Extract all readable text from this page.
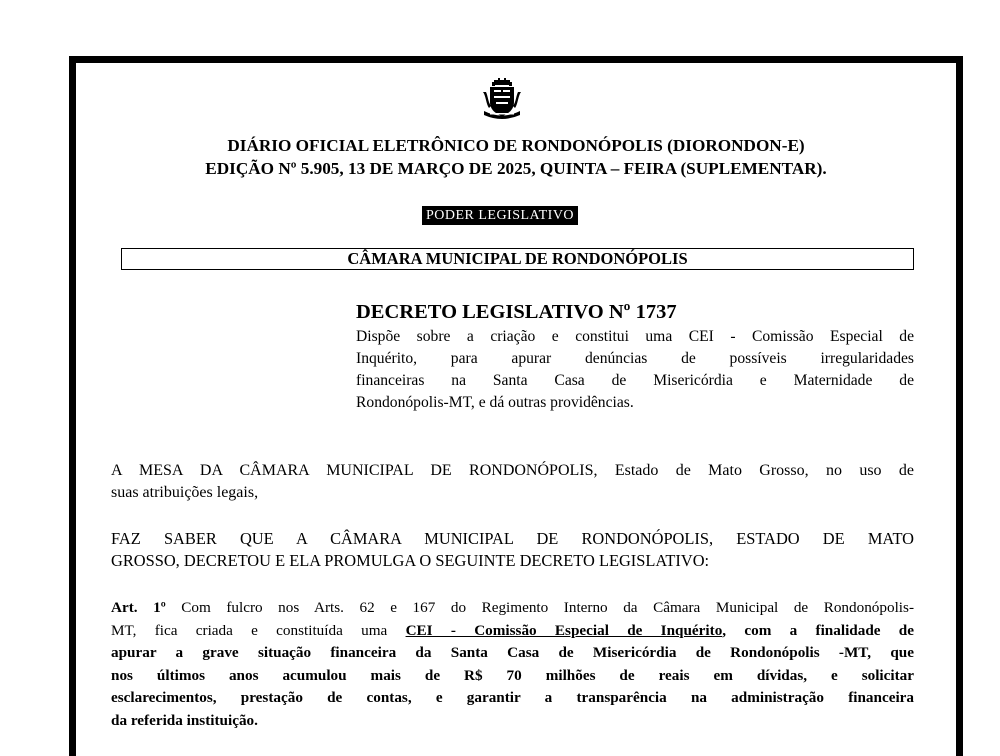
DIÁRIO OFICIAL ELETRÔNICO DE RONDONÓPOLIS (DIORONDON-E)
EDIÇÃO Nº 5.905, 13 DE MARÇO DE 2025, QUINTA – FEIRA (SUPLEMENTAR).
PODER LEGISLATIVO
CÂMARA MUNICIPAL DE RONDONÓPOLIS
DECRETO LEGISLATIVO Nº 1737
Dispõe sobre a criação e constitui uma CEI - Comissão Especial de
Inquérito, para apurar denúncias de possíveis irregularidades
financeiras na Santa Casa de Misericórdia e Maternidade de
Rondonópolis-MT, e dá outras providências.
A MESA DA CÂMARA MUNICIPAL DE RONDONÓPOLIS, Estado de Mato Grosso, no uso de
suas atribuições legais,
FAZ SABER QUE A CÂMARA MUNICIPAL DE RONDONÓPOLIS, ESTADO DE MATO
GROSSO, DECRETOU E ELA PROMULGA O SEGUINTE DECRETO LEGISLATIVO:
Art. 1º Com fulcro nos Arts. 62 e 167 do Regimento Interno da Câmara Municipal de Rondonópolis-
MT, fica criada e constituída uma CEI - Comissão Especial de Inquérito, com a finalidade de
apurar a grave situação financeira da Santa Casa de Misericórdia de Rondonópolis -MT, que
nos últimos anos acumulou mais de R$ 70 milhões de reais em dívidas, e solicitar
esclarecimentos, prestação de contas, e garantir a transparência na administração financeira
da referida instituição.
